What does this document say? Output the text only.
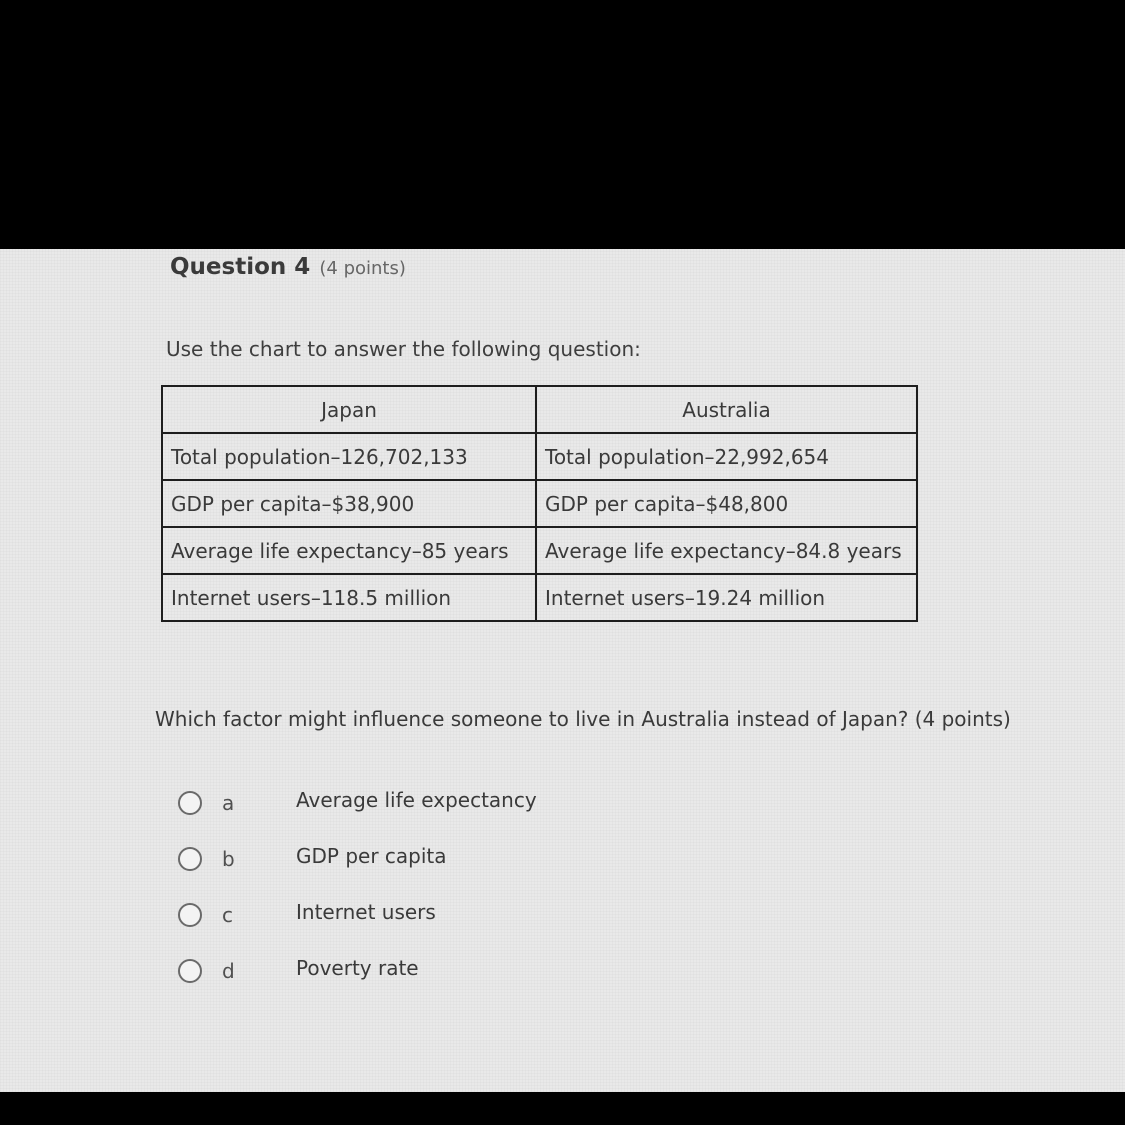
Question 4 (4 points)
Use the chart to answer the following question:
Japan	Australia
Total population–126,702,133	Total population–22,992,654
GDP per capita–$38,900	GDP per capita–$48,800
Average life expectancy–85 years	Average life expectancy–84.8 years
Internet users–118.5 million	Internet users–19.24 million
Which factor might influence someone to live in Australia instead of Japan? (4 points)
a	Average life expectancy
b	GDP per capita
c	Internet users
d	Poverty rate
